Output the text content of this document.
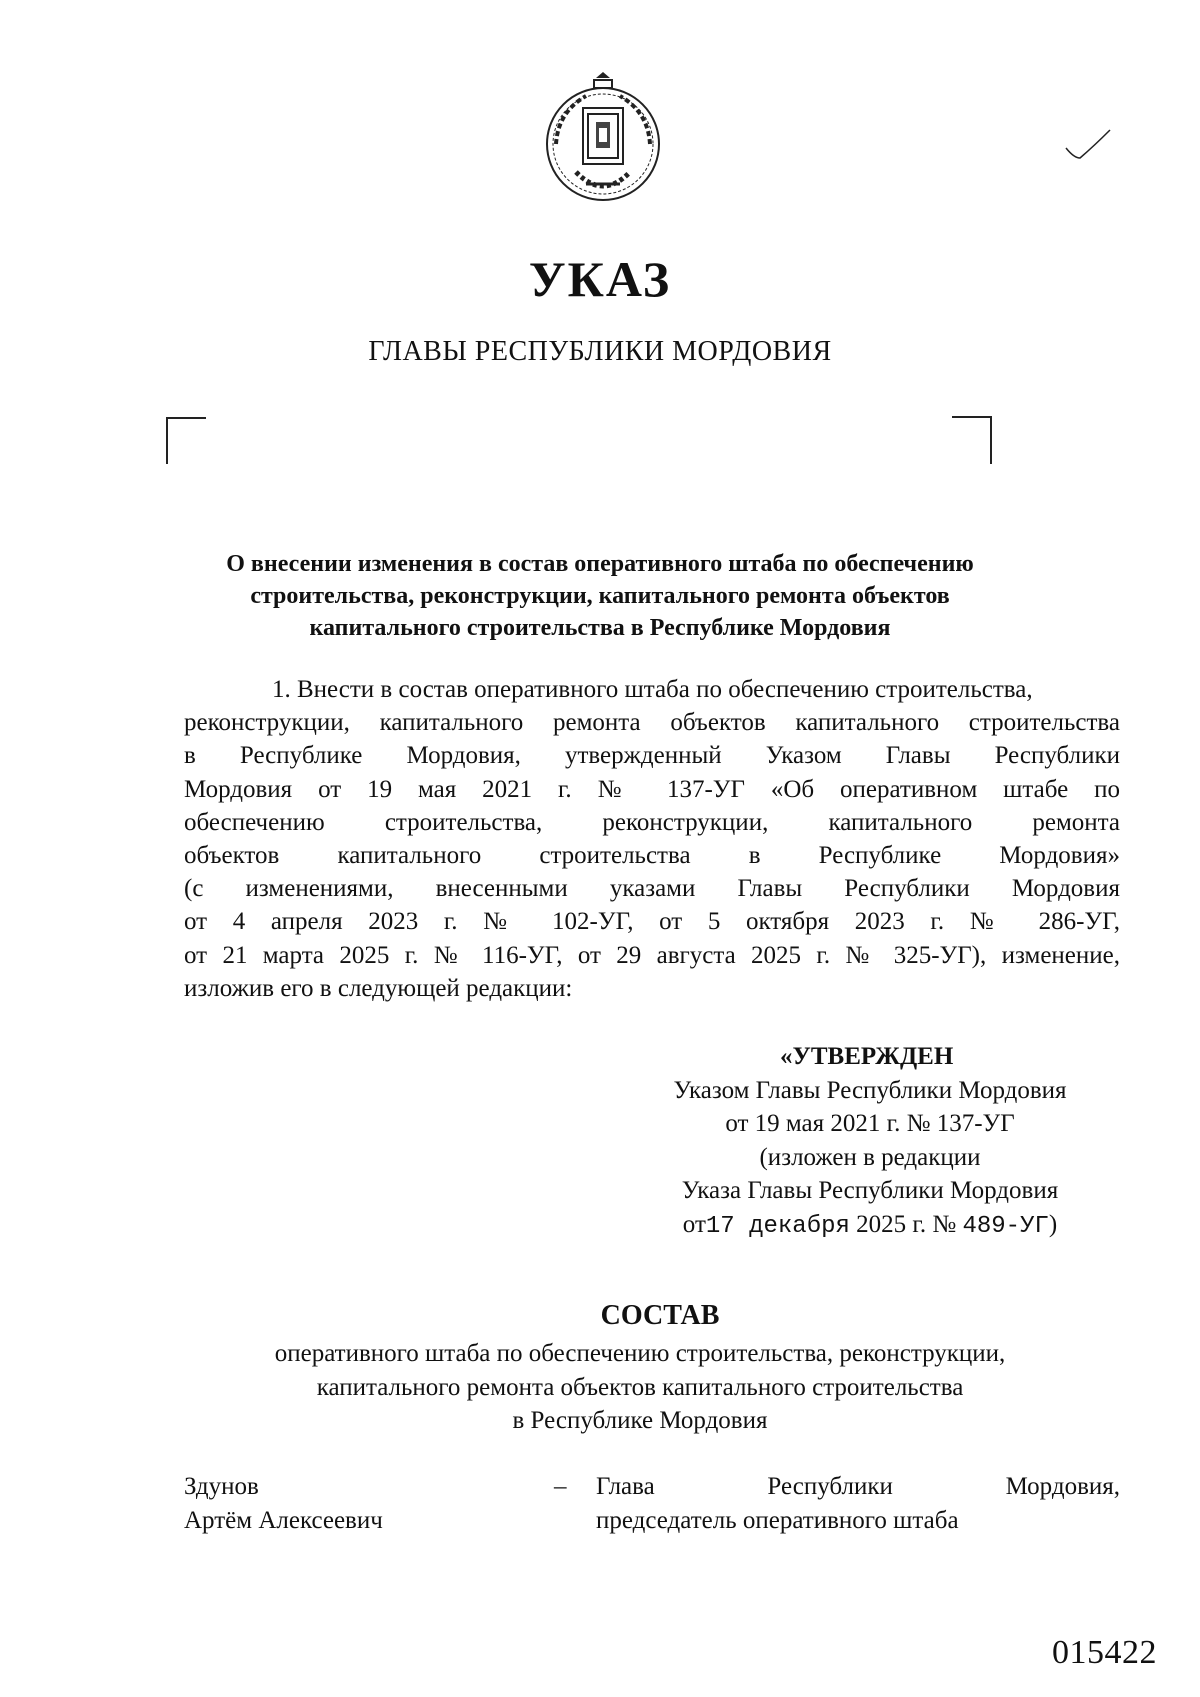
УКАЗ

ГЛАВЫ РЕСПУБЛИКИ МОРДОВИЯ

О внесении изменения в состав оперативного штаба по обеспечению
строительства, реконструкции, капитального ремонта объектов
капитального строительства в Республике Мордовия
1. Внести в состав оперативного штаба по обеспечению строительства,
реконструкции, капитального ремонта объектов капитального строительства
в Республике Мордовия, утвержденный Указом Главы Республики
Мордовия от 19 мая 2021 г. № 137-УГ «Об оперативном штабе по
обеспечению строительства, реконструкции, капитального ремонта
объектов капитального строительства в Республике Мордовия»
(с изменениями, внесенными указами Главы Республики Мордовия
от 4 апреля 2023 г. № 102-УГ, от 5 октября 2023 г. № 286-УГ,
от 21 марта 2025 г. № 116-УГ, от 29 августа 2025 г. № 325-УГ), изменение,
изложив его в следующей редакции:
«УТВЕРЖДЕН
Указом Главы Республики Мордовия
от 19 мая 2021 г. № 137-УГ
(изложен в редакции
Указа Главы Республики Мордовия
от17 декабря 2025 г. № 489-УГ)
СОСТАВ
оперативного штаба по обеспечению строительства, реконструкции,
капитального ремонта объектов капитального строительства
в Республике Мордовия
Здунов
Артём Алексеевич
–	Глава Республики Мордовия,
председатель оперативного штаба

015422
